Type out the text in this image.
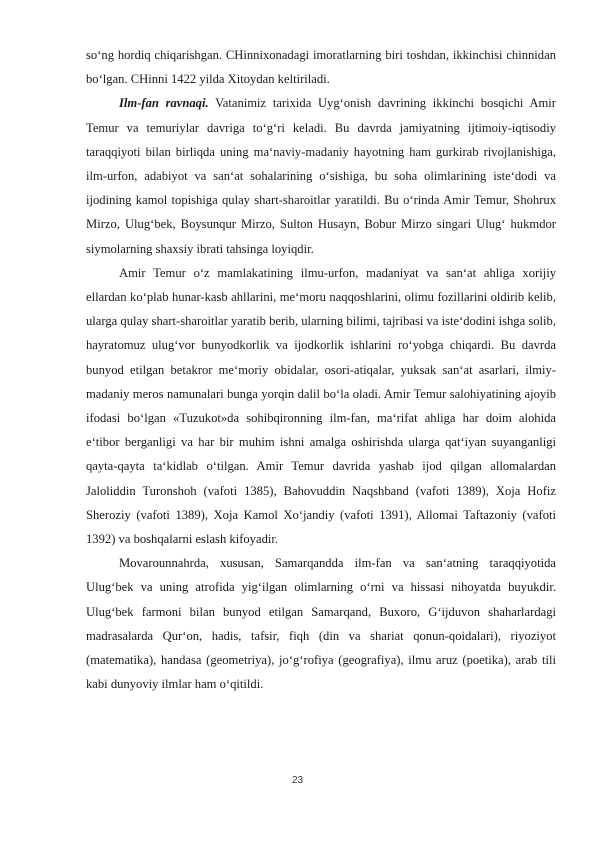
so‘ng hordiq chiqarishgan. CHinnixonadagi imoratlarning biri toshdan, ikkinchisi chinnidan bo‘lgan. CHinni 1422 yilda Xitoydan keltiriladi.

Ilm-fan ravnaqi. Vatanimiz tarixida Uyg‘onish davrining ikkinchi bosqichi Amir Temur va temuriylar davriga to‘g‘ri keladi. Bu davrda jamiyatning ijtimoiy-iqtisodiy taraqqiyoti bilan birliqda uning ma‘naviy-madaniy hayotning ham gurkirab rivojlanishiga, ilm-urfon, adabiyot va san‘at sohalarining o‘sishiga, bu soha olimlarining iste‘dodi va ijodining kamol topishiga qulay shart-sharoitlar yaratildi. Bu o‘rinda Amir Temur, Shohrux Mirzo, Ulug‘bek, Boysunqur Mirzo, Sulton Husayn, Bobur Mirzo singari Ulug‘ hukmdor siymolarning shaxsiy ibrati tahsinga loyiqdir.

Amir Temur o‘z mamlakatining ilmu-urfon, madaniyat va san‘at ahliga xorijiy ellardan ko‘plab hunar-kasb ahllarini, me‘moru naqqoshlarini, olimu fozillarini oldirib kelib, ularga qulay shart-sharoitlar yaratib berib, ularning bilimi, tajribasi va iste‘dodini ishga solib, hayratomuz ulug‘vor bunyodkorlik va ijodkorlik ishlarini ro‘yobga chiqardi. Bu davrda bunyod etilgan betakror me‘moriy obidalar, osori-atiqalar, yuksak san‘at asarlari, ilmiy-madaniy meros namunalari bunga yorqin dalil bo‘la oladi. Amir Temur salohiyatining ajoyib ifodasi bo‘lgan «Tuzukot»da sohibqironning ilm-fan, ma‘rifat ahliga har doim alohida e‘tibor berganligi va har bir muhim ishni amalga oshirishda ularga qat‘iyan suyanganligi qayta-qayta ta‘kidlab o‘tilgan. Amir Temur davrida yashab ijod qilgan allomalardan Jaloliddin Turonshoh (vafoti 1385), Bahovuddin Naqshband (vafoti 1389), Xoja Hofiz Sheroziy (vafoti 1389), Xoja Kamol Xo‘jandiy (vafoti 1391), Allomai Taftazoniy (vafoti 1392) va boshqalarni eslash kifoyadir.

Movarounnahrda, xususan, Samarqandda ilm-fan va san‘atning taraqqiyotida Ulug‘bek va uning atrofida yig‘ilgan olimlarning o‘rni va hissasi nihoyatda buyukdir. Ulug‘bek farmoni bilan bunyod etilgan Samarqand, Buxoro, G‘ijduvon shaharlardagi madrasalarda Qur‘on, hadis, tafsir, fiqh (din va shariat qonun-qoidalari), riyoziyot (matematika), handasa (geometriya), jo‘g‘rofiya (geografiya), ilmu aruz (poetika), arab tili kabi dunyoviy ilmlar ham o‘qitildi.

23
